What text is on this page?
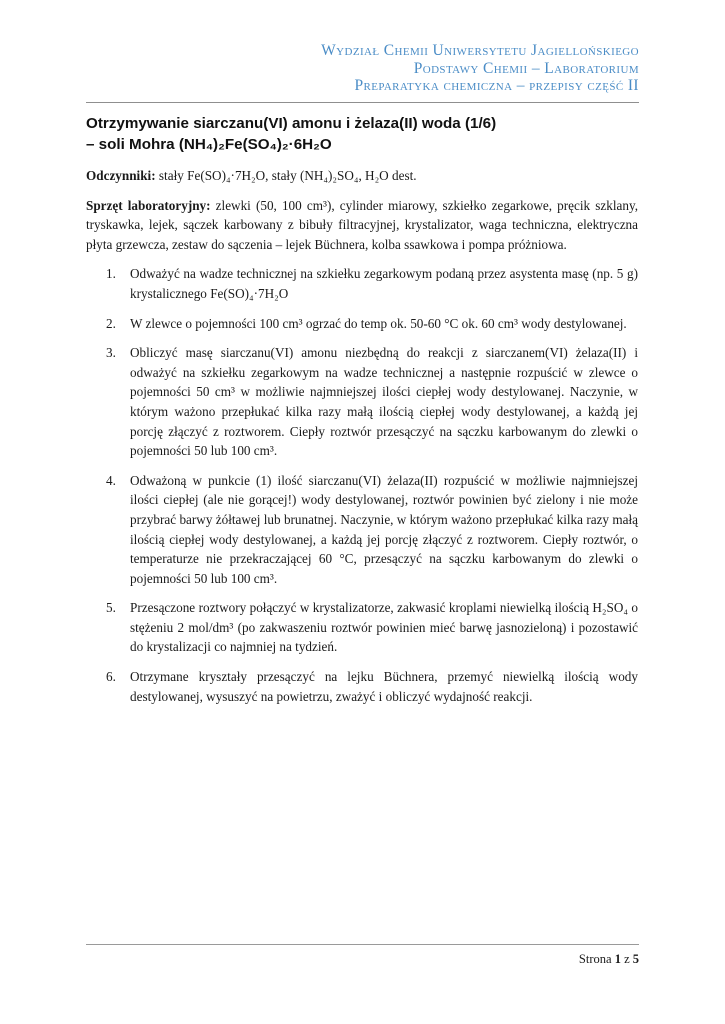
Wydział Chemii Uniwersytetu Jagiellońskiego
Podstawy Chemii – Laboratorium
Preparatyka chemiczna – przepisy część II
Otrzymywanie siarczanu(VI) amonu i żelaza(II) woda (1/6)
– soli Mohra (NH₄)₂Fe(SO₄)₂·6H₂O

Odczynniki: stały Fe(SO)₄·7H₂O, stały (NH₄)₂SO₄, H₂O dest.

Sprzęt laboratoryjny: zlewki (50, 100 cm³), cylinder miarowy, szkiełko zegarkowe, pręcik szklany, tryskawka, lejek, sączek karbowany z bibuły filtracyjnej, krystalizator, waga techniczna, elektryczna płyta grzewcza, zestaw do sączenia – lejek Büchnera, kolba ssawkowa i pompa próżniowa.

1. Odważyć na wadze technicznej na szkiełku zegarkowym podaną przez asystenta masę (np. 5 g) krystalicznego Fe(SO)₄·7H₂O
2. W zlewce o pojemności 100 cm³ ogrzać do temp ok. 50-60 °C ok. 60 cm³ wody destylowanej.
3. Obliczyć masę siarczanu(VI) amonu niezbędną do reakcji z siarczanem(VI) żelaza(II) i odważyć na szkiełku zegarkowym na wadze technicznej a następnie rozpuścić w zlewce o pojemności 50 cm³ w możliwie najmniejszej ilości ciepłej wody destylowanej. Naczynie, w którym ważono przepłukać kilka razy małą ilością ciepłej wody destylowanej, a każdą jej porcję złączyć z roztworem. Ciepły roztwór przesączyć na sączku karbowanym do zlewki o pojemności 50 lub 100 cm³.
4. Odważoną w punkcie (1) ilość siarczanu(VI) żelaza(II) rozpuścić w możliwie najmniejszej ilości ciepłej (ale nie gorącej!) wody destylowanej, roztwór powinien być zielony i nie może przybrać barwy żółtawej lub brunatnej. Naczynie, w którym ważono przepłukać kilka razy małą ilością ciepłej wody destylowanej, a każdą jej porcję złączyć z roztworem. Ciepły roztwór, o temperaturze nie przekraczającej 60 °C, przesączyć na sączku karbowanym do zlewki o pojemności 50 lub 100 cm³.
5. Przesączone roztwory połączyć w krystalizatorze, zakwasić kroplami niewielką ilością H₂SO₄ o stężeniu 2 mol/dm³ (po zakwaszeniu roztwór powinien mieć barwę jasnozieloną) i pozostawić do krystalizacji co najmniej na tydzień.
6. Otrzymane kryształy przesączyć na lejku Büchnera, przemyć niewielką ilością wody destylowanej, wysuszyć na powietrzu, zważyć i obliczyć wydajność reakcji.
Strona 1 z 5
